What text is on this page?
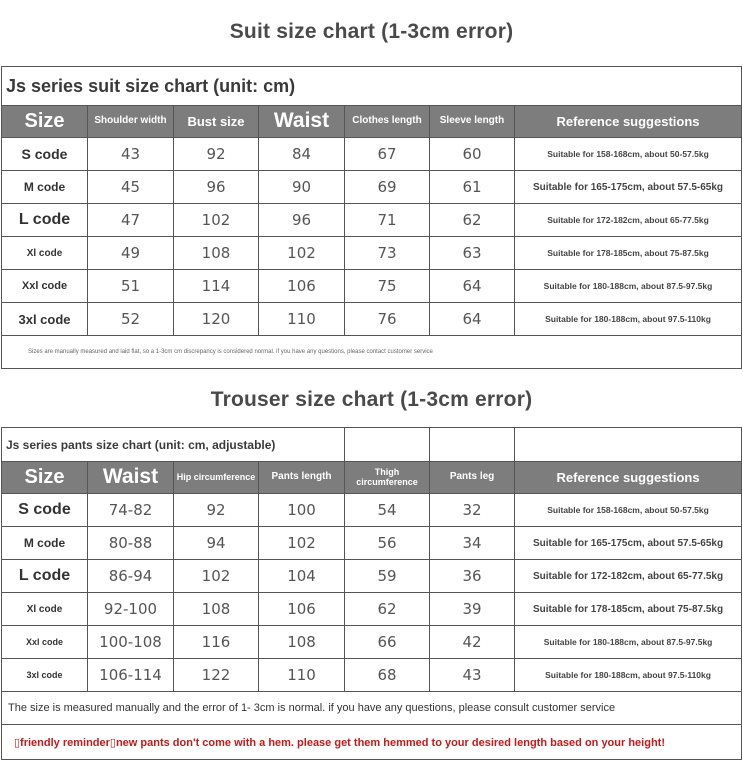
Suit size chart (1-3cm error)
Js series suit size chart (unit: cm)						
Size	Shoulder width	Bust size	Waist	Clothes length	Sleeve length	Reference suggestions
S code	43	92	84	67	60	Suitable for 158-168cm, about 50-57.5kg
M code	45	96	90	69	61	Suitable for 165-175cm, about 57.5-65kg
L code	47	102	96	71	62	Suitable for 172-182cm, about 65-77.5kg
Xl code	49	108	102	73	63	Suitable for 178-185cm, about 75-87.5kg
Xxl code	51	114	106	75	64	Suitable for 180-188cm, about 87.5-97.5kg
3xl code	52	120	110	76	64	Suitable for 180-188cm, about 97.5-110kg
Sizes are manually measured and laid flat, so a 1-3cm cm discrepancy is considered normal. if you have any questions, please contact customer service						
Trouser size chart (1-3cm error)
Js series pants size chart (unit: cm, adjustable)						
Size	Waist	Hip circumference	Pants length	Thigh circumference	Pants leg	Reference suggestions
S code	74-82	92	100	54	32	Suitable for 158-168cm, about 50-57.5kg
M code	80-88	94	102	56	34	Suitable for 165-175cm, about 57.5-65kg
L code	86-94	102	104	59	36	Suitable for 172-182cm, about 65-77.5kg
Xl code	92-100	108	106	62	39	Suitable for 178-185cm, about 75-87.5kg
Xxl code	100-108	116	108	66	42	Suitable for 180-188cm, about 87.5-97.5kg
3xl code	106-114	122	110	68	43	Suitable for 180-188cm, about 97.5-110kg
The size is measured manually and the error of 1- 3cm is normal. if you have any questions, please consult customer service						
▯friendly reminder▯new pants don't come with a hem. please get them hemmed to your desired length based on your height!						
